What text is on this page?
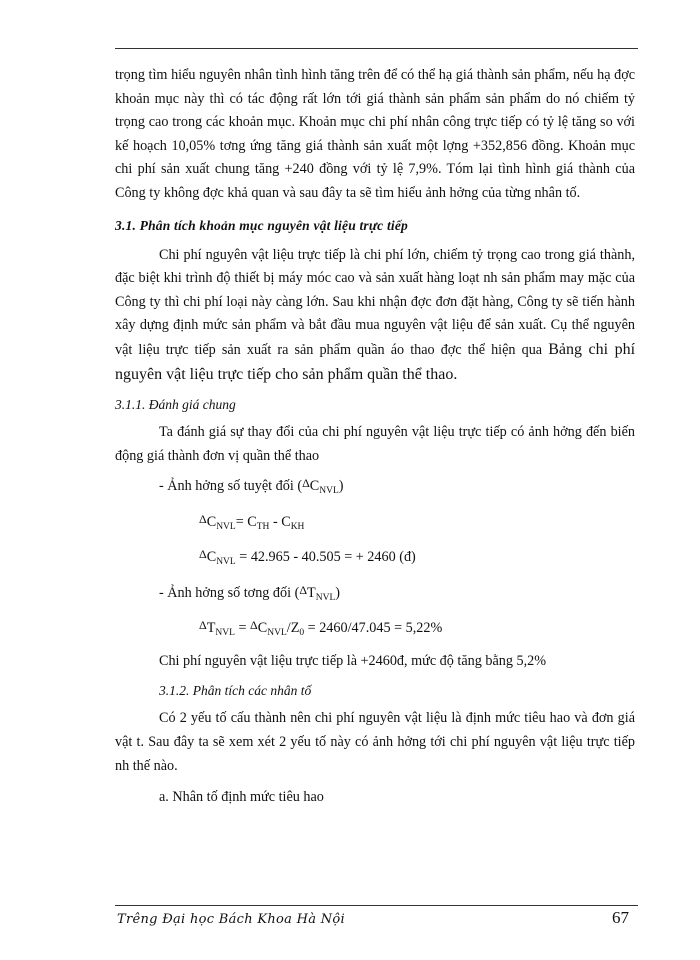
trọng tìm hiểu nguyên nhân tình hình tăng trên để có thể hạ giá thành sản phẩm, nếu hạ đợc khoản mục này thì có tác động rất lớn tới giá thành sản phẩm sản phẩm do nó chiếm tỷ trọng cao trong các khoản mục. Khoản mục chi phí nhân công trực tiếp có tỷ lệ tăng so với kế hoạch 10,05% tơng ứng tăng giá thành sản xuất một lợng +352,856 đồng. Khoản mục chi phí sản xuất chung tăng +240 đồng với tỷ lệ 7,9%. Tóm lại tình hình giá thành của Công ty không đợc khả quan và sau đây ta sẽ tìm hiểu ảnh hởng của từng nhân tố.

3.1. Phân tích khoản mục nguyên vật liệu trực tiếp

Chi phí nguyên vật liệu trực tiếp là chi phí lớn, chiếm tỷ trọng cao trong giá thành, đặc biệt khi trình độ thiết bị máy móc cao và sản xuất hàng loạt nh sản phẩm may mặc của Công ty thì chi phí loại này càng lớn. Sau khi nhận đợc đơn đặt hàng, Công ty sẽ tiến hành xây dựng định mức sản phẩm và bắt đầu mua nguyên vật liệu để sản xuất. Cụ thể nguyên vật liệu trực tiếp sản xuất ra sản phẩm quần áo thao đợc thể hiện qua Bảng chi phí nguyên vật liệu trực tiếp cho sản phẩm quần thể thao.

3.1.1. Đánh giá chung

Ta đánh giá sự thay đổi của chi phí nguyên vật liệu trực tiếp có ảnh hởng đến biến động giá thành đơn vị quần thể thao

- Ảnh hởng số tuyệt đối $(^\Delta C_{NVL})$
$^\Delta C_{NVL}= C_{TH} - C_{KH}$
$^\Delta C_{NVL} = 42.965 - 40.505$ = + 2460 (đ)
- Ảnh hởng số tơng đối $(^\Delta T_{NVL})$
$^\Delta T_{NVL} = ^\Delta C_{NVL}/Z_0 = 2460/47.045 = 5,22\%$
Chi phí nguyên vật liệu trực tiếp là +2460đ, mức độ tăng bằng 5,2%
3.1.2. Phân tích các nhân tố

Có 2 yếu tố cấu thành nên chi phí nguyên vật liệu là định mức tiêu hao và đơn giá vật t. Sau đây ta sẽ xem xét 2 yếu tố này có ảnh hởng tới chi phí nguyên vật liệu trực tiếp nh thế nào.

a. Nhân tố định mức tiêu hao
Trêng Đại học Bách Khoa Hà Nội	67
